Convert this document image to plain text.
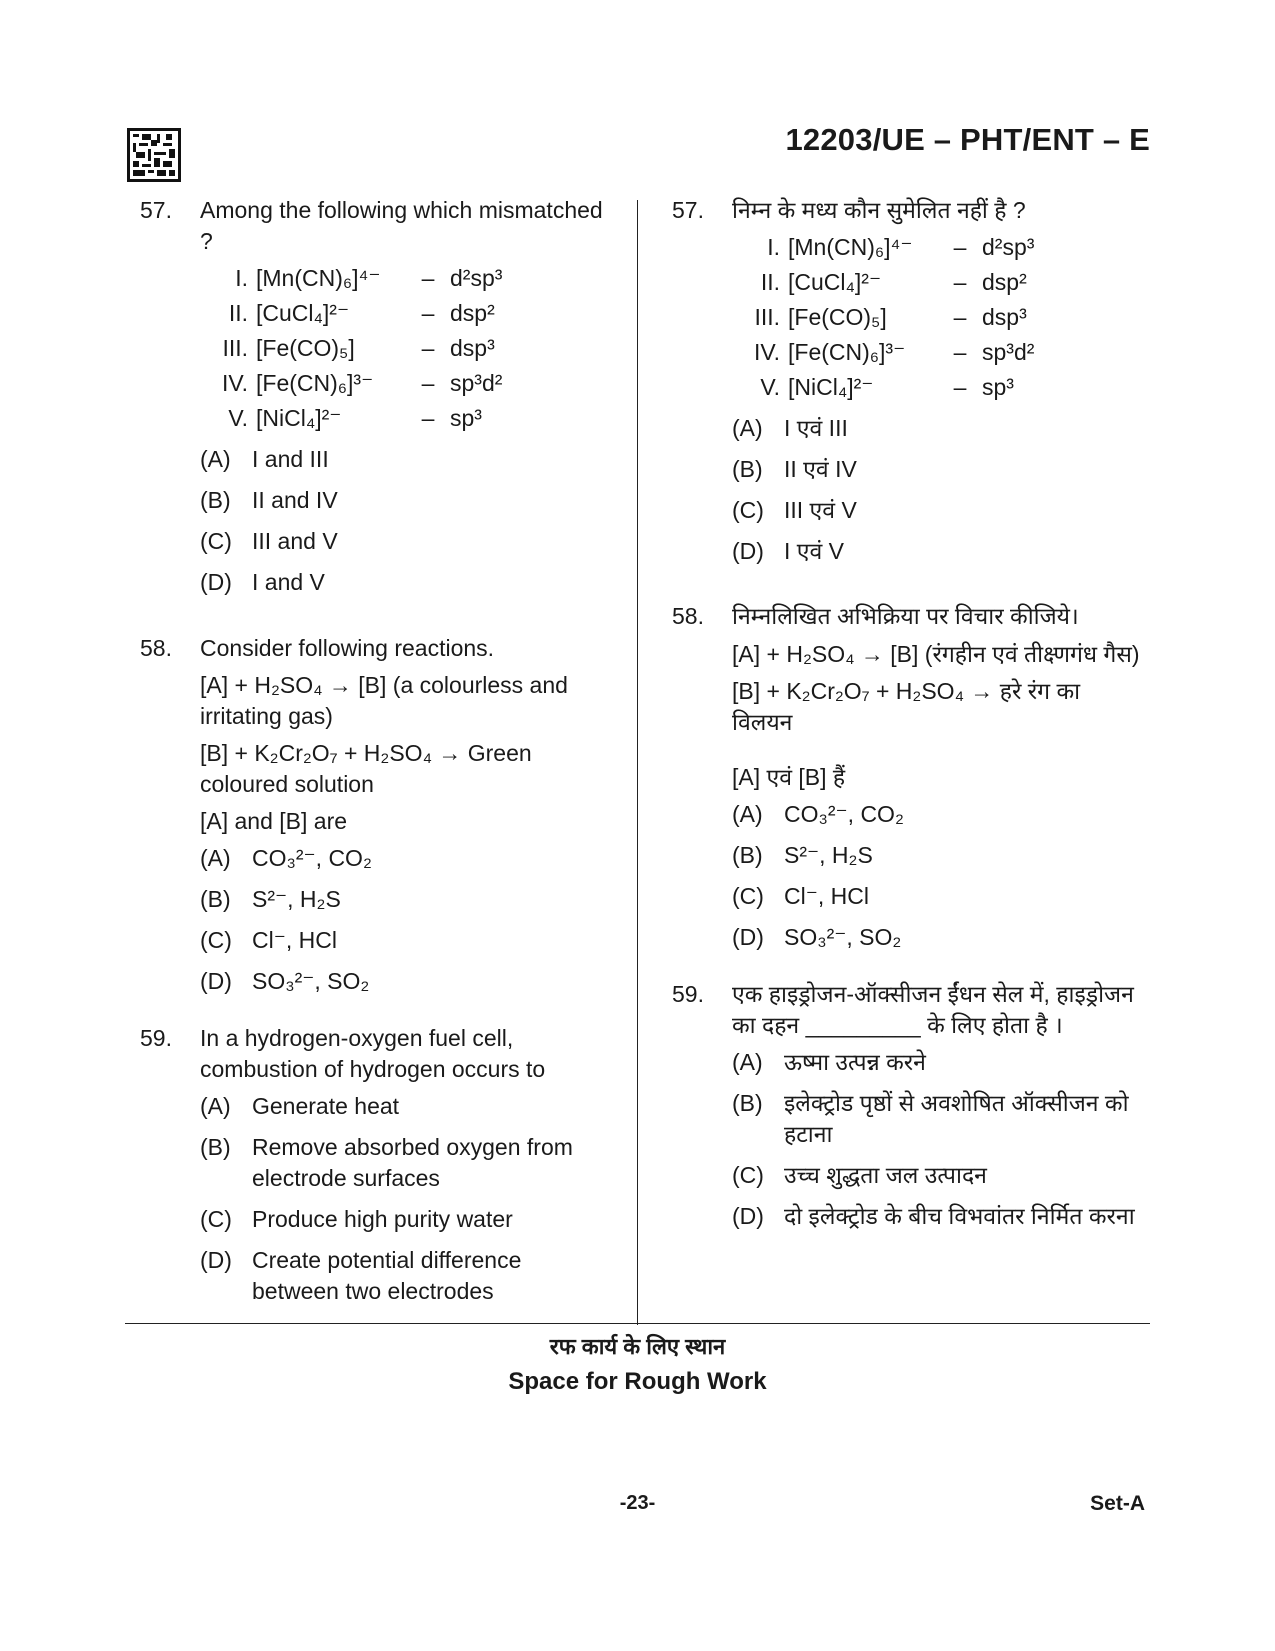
12203/UE – PHT/ENT – E
57. Among the following which mismatched ?
I.	[Mn(CN)₆]⁴⁻	–	d²sp³
II.	[CuCl₄]²⁻	–	dsp²
III.	[Fe(CO)₅]	–	dsp³
IV.	[Fe(CN)₆]³⁻	–	sp³d²
V.	[NiCl₄]²⁻	–	sp³
(A) I and III
(B) II and IV
(C) III and V
(D) I and V
58. Consider following reactions.
[A] + H₂SO₄ → [B] (a colourless and irritating gas)
[B] + K₂Cr₂O₇ + H₂SO₄ → Green coloured solution
[A] and [B] are
(A) CO₃²⁻, CO₂
(B) S²⁻, H₂S
(C) Cl⁻, HCl
(D) SO₃²⁻, SO₂
59. In a hydrogen-oxygen fuel cell, combustion of hydrogen occurs to
(A) Generate heat
(B) Remove absorbed oxygen from electrode surfaces
(C) Produce high purity water
(D) Create potential difference between two electrodes
57. निम्न के मध्य कौन सुमेलित नहीं है ?
I.	[Mn(CN)₆]⁴⁻	–	d²sp³
II.	[CuCl₄]²⁻	–	dsp²
III.	[Fe(CO)₅]	–	dsp³
IV.	[Fe(CN)₆]³⁻	–	sp³d²
V.	[NiCl₄]²⁻	–	sp³
(A) I एवं III
(B) II एवं IV
(C) III एवं V
(D) I एवं V
58. निम्नलिखित अभिक्रिया पर विचार कीजिये।
[A] + H₂SO₄ → [B] (रंगहीन एवं तीक्ष्णगंध गैस)
[B] + K₂Cr₂O₇ + H₂SO₄ → हरे रंग का विलयन
[A] एवं [B] हैं
(A) CO₃²⁻, CO₂
(B) S²⁻, H₂S
(C) Cl⁻, HCl
(D) SO₃²⁻, SO₂
59. एक हाइड्रोजन-ऑक्सीजन ईंधन सेल में, हाइड्रोजन का दहन _________ के लिए होता है ।
(A) ऊष्मा उत्पन्न करने
(B) इलेक्ट्रोड पृष्ठों से अवशोषित ऑक्सीजन को हटाना
(C) उच्च शुद्धता जल उत्पादन
(D) दो इलेक्ट्रोड के बीच विभवांतर निर्मित करना
रफ कार्य के लिए स्थान
Space for Rough Work
-23-	Set-A
